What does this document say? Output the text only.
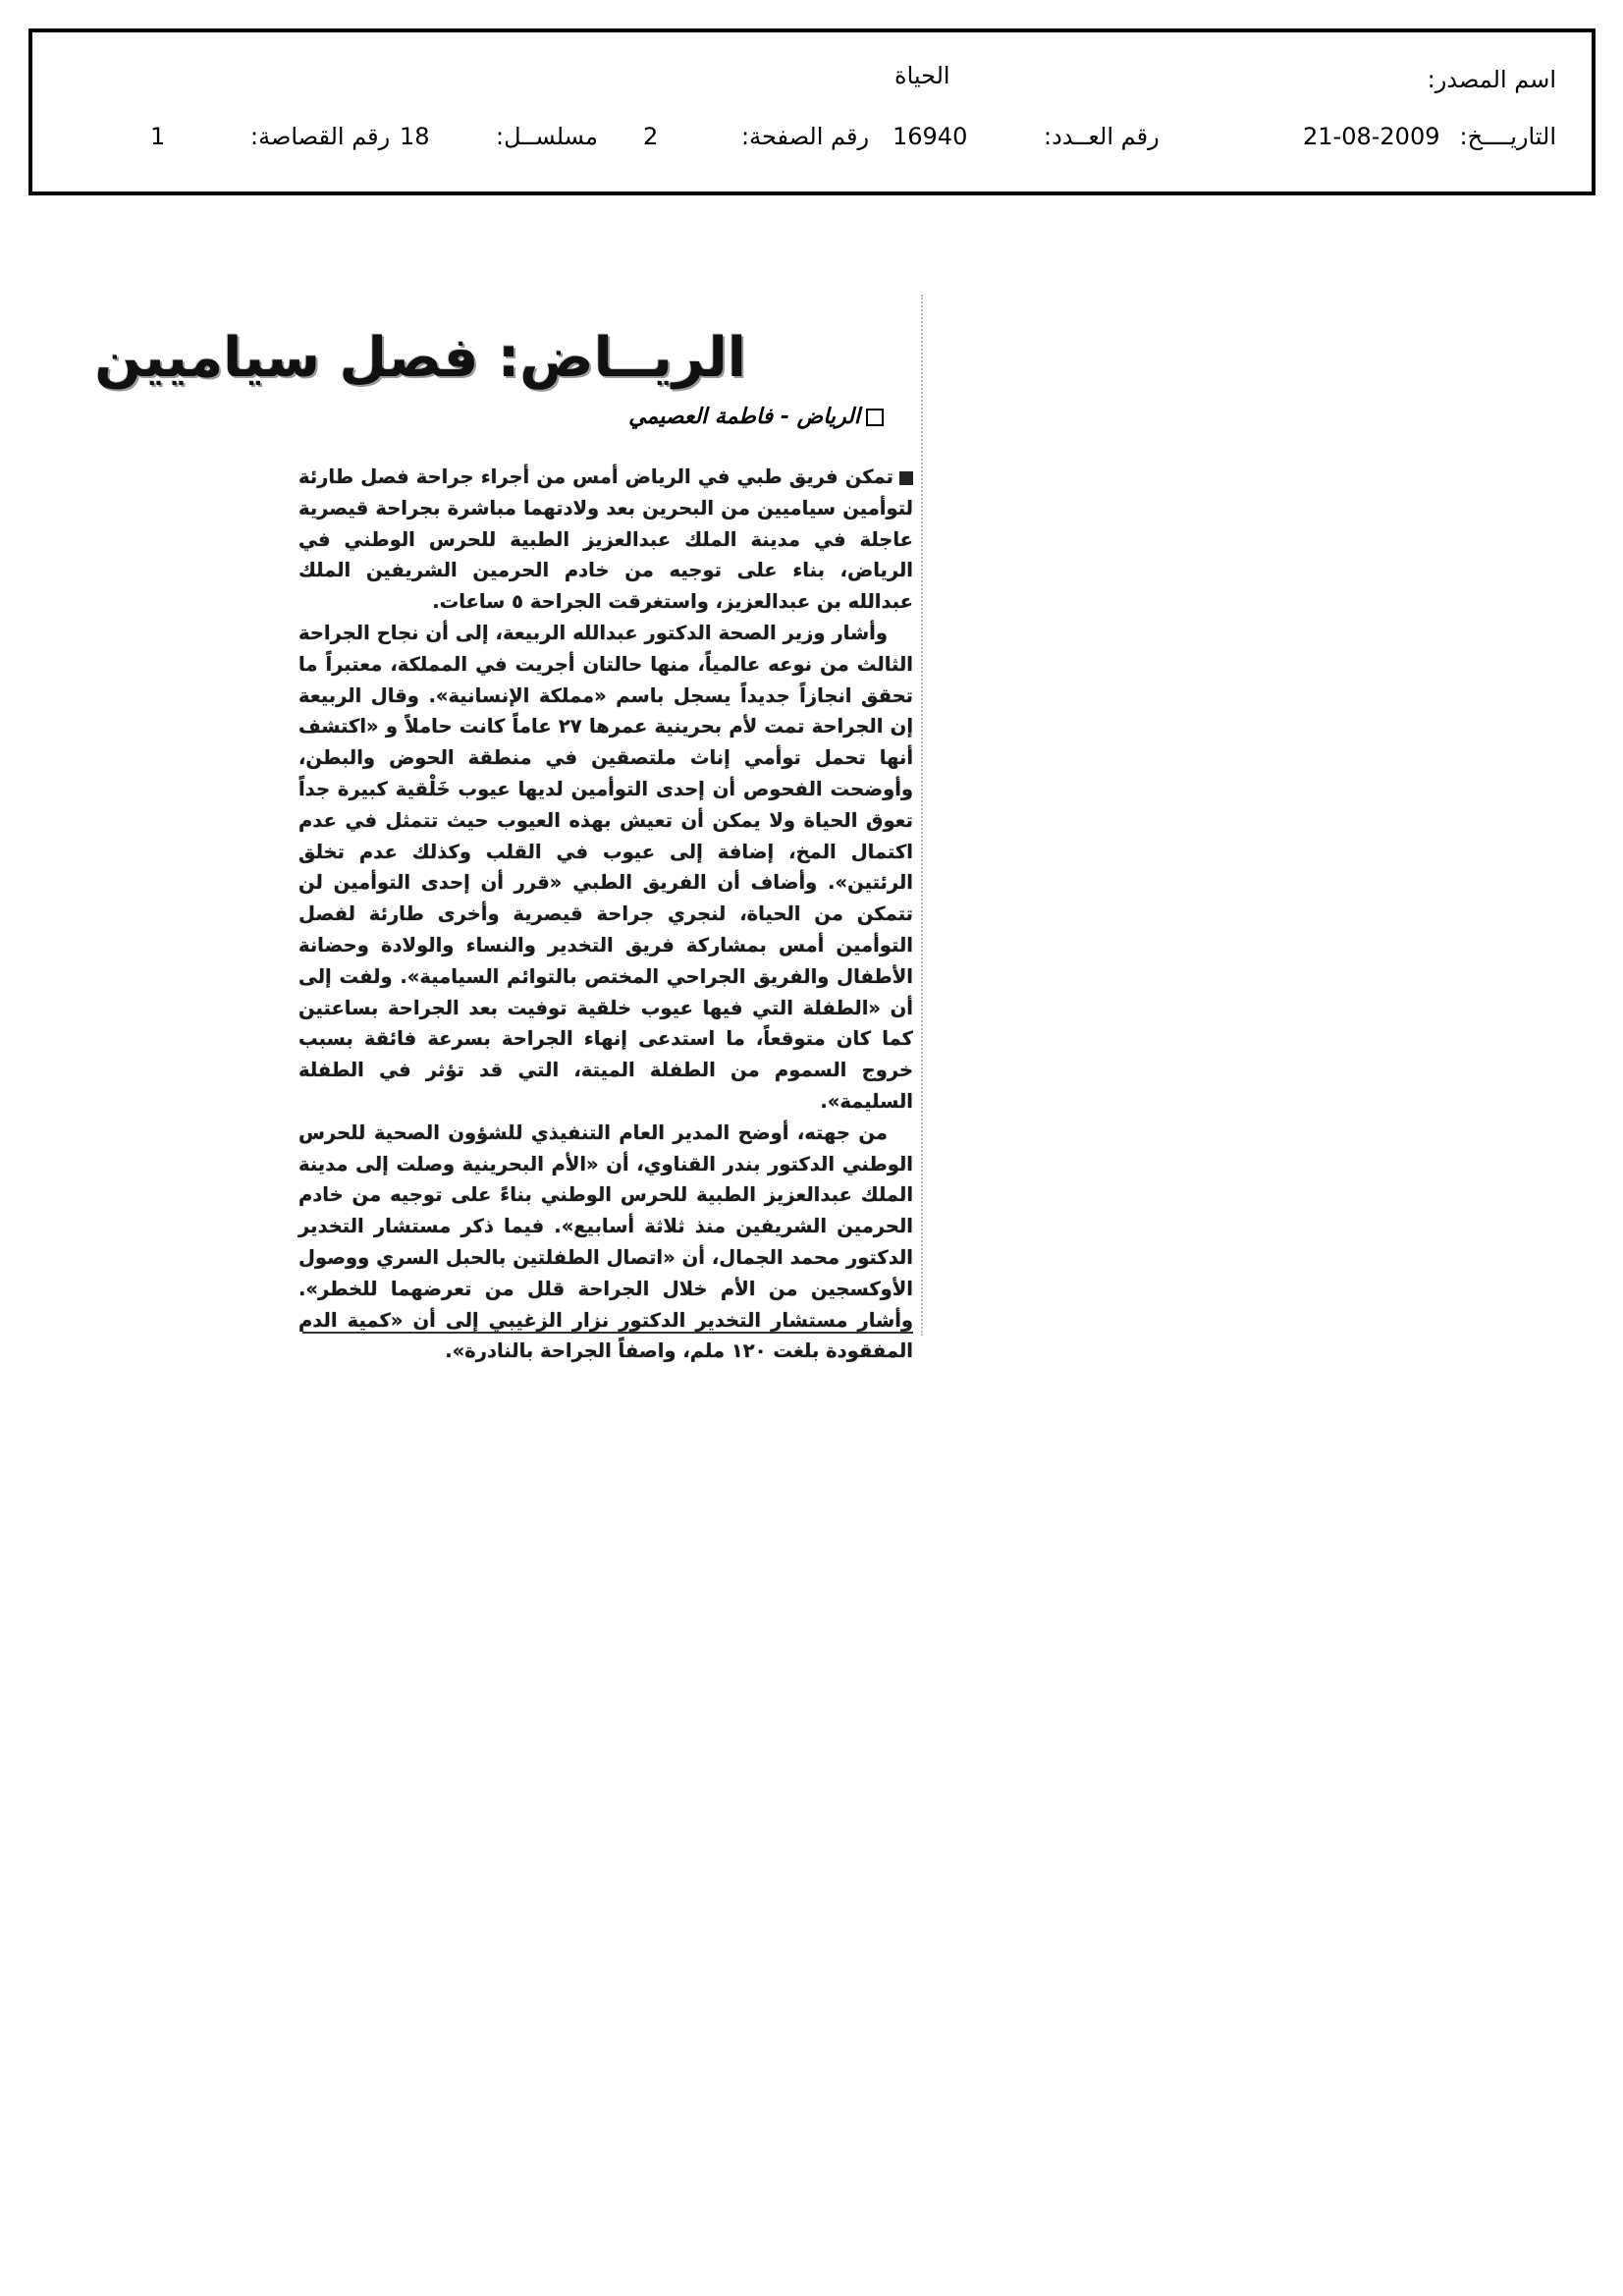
اسم المصدر:
الحياة
التاريــــخ:
21-08-2009
رقم العــدد:
16940
رقم الصفحة:
2
مسلســل:
18
رقم القصاصة:
1
الريــاض: فصل سياميين
الرياض - فاطمة العصيمي

تمكن فريق طبي في الرياض أمس من أجراء جراحة فصل طارئة لتوأمين سياميين من البحرين بعد ولادتهما مباشرة بجراحة قيصرية عاجلة في مدينة الملك عبدالعزيز الطبية للحرس الوطني في الرياض، بناء على توجيه من خادم الحرمين الشريفين الملك عبدالله بن عبدالعزيز، واستغرقت الجراحة ٥ ساعات.

وأشار وزير الصحة الدكتور عبدالله الربيعة، إلى أن نجاح الجراحة الثالث من نوعه عالمياً، منها حالتان أجريت في المملكة، معتبراً ما تحقق انجازاً جديداً يسجل باسم «مملكة الإنسانية». وقال الربيعة إن الجراحة تمت لأم بحرينية عمرها ٢٧ عاماً كانت حاملاً و «اكتشف أنها تحمل توأمي إناث ملتصقين في منطقة الحوض والبطن، وأوضحت الفحوص أن إحدى التوأمين لديها عيوب خَلْقية كبيرة جداً تعوق الحياة ولا يمكن أن تعيش بهذه العيوب حيث تتمثل في عدم اكتمال المخ، إضافة إلى عيوب في القلب وكذلك عدم تخلق الرئتين». وأضاف أن الفريق الطبي «قرر أن إحدى التوأمين لن تتمكن من الحياة، لنجري جراحة قيصرية وأخرى طارئة لفصل التوأمين أمس بمشاركة فريق التخدير والنساء والولادة وحضانة الأطفال والفريق الجراحي المختص بالتوائم السيامية». ولفت إلى أن «الطفلة التي فيها عيوب خلقية توفيت بعد الجراحة بساعتين كما كان متوقعاً، ما استدعى إنهاء الجراحة بسرعة فائقة بسبب خروج السموم من الطفلة الميتة، التي قد تؤثر في الطفلة السليمة».

من جهته، أوضح المدير العام التنفيذي للشؤون الصحية للحرس الوطني الدكتور بندر القناوي، أن «الأم البحرينية وصلت إلى مدينة الملك عبدالعزيز الطبية للحرس الوطني بناءً على توجيه من خادم الحرمين الشريفين منذ ثلاثة أسابيع». فيما ذكر مستشار التخدير الدكتور محمد الجمال، أن «اتصال الطفلتين بالحبل السري ووصول الأوكسجين من الأم خلال الجراحة قلل من تعرضهما للخطر». وأشار مستشار التخدير الدكتور نزار الزغيبي إلى أن «كمية الدم المفقودة بلغت ١٢٠ ملم، واصفاً الجراحة بالنادرة».
